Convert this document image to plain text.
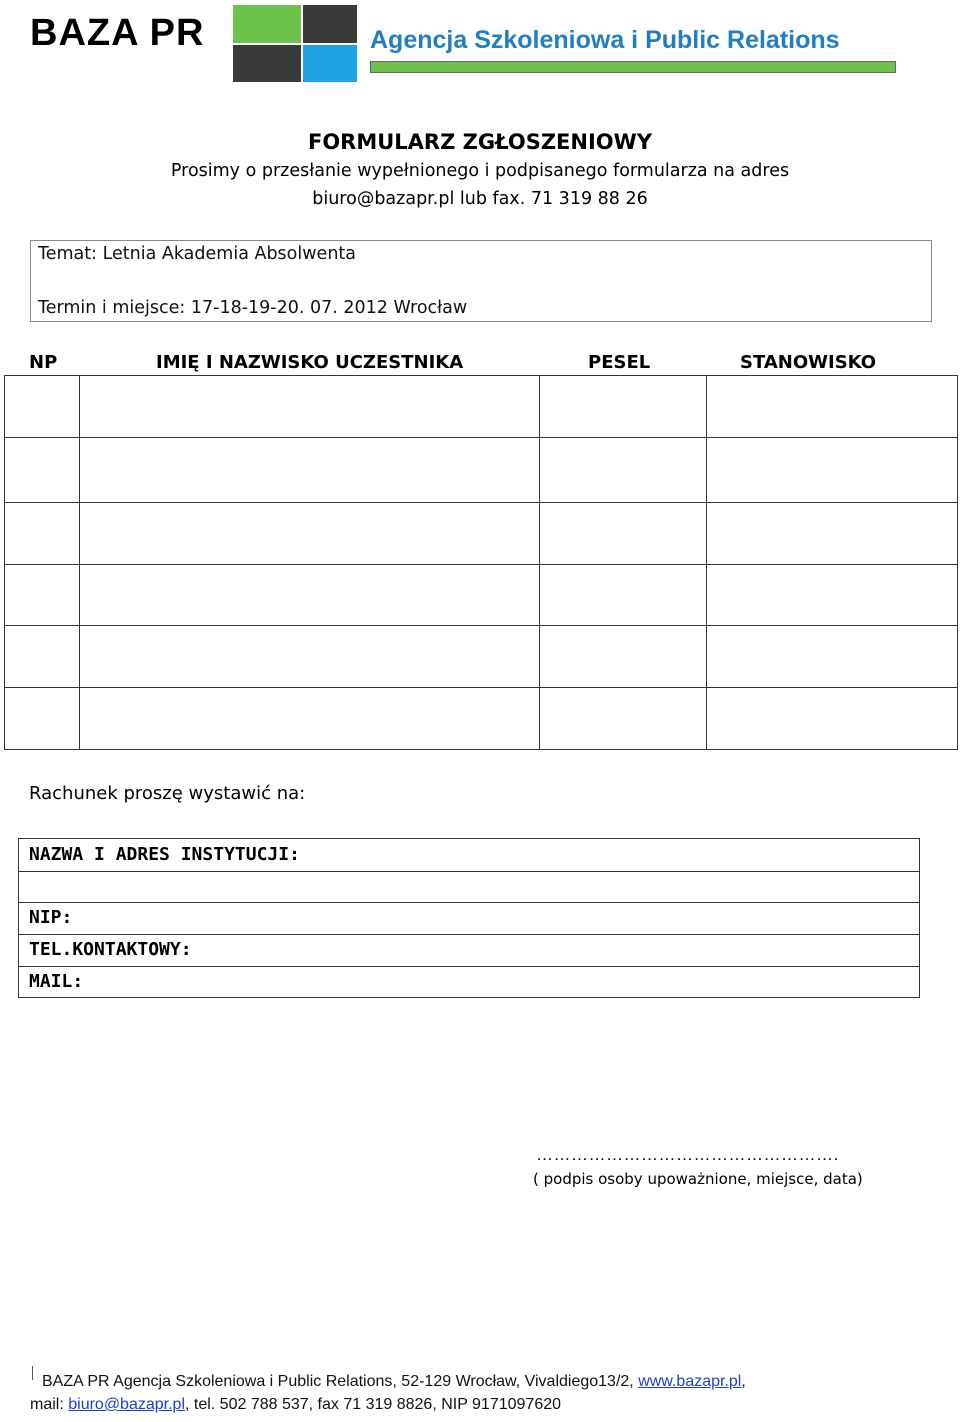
BAZA PR	Agencja Szkoleniowa i Public Relations
FORMULARZ ZGŁOSZENIOWY
Prosimy o przesłanie wypełnionego i podpisanego formularza na adres
biuro@bazapr.pl lub fax. 71 319 88 26
Temat: Letnia Akademia Absolwenta
Termin i miejsce: 17-18-19-20. 07. 2012 Wrocław
NP	IMIĘ I NAZWISKO UCZESTNIKA	PESEL	STANOWISKO
Rachunek proszę wystawić na:
NAZWA I ADRES INSTYTUCJI:
NIP:
TEL.KONTAKTOWY:
MAIL:
…………………………………………….
( podpis osoby upoważnione, miejsce, data)
BAZA PR Agencja Szkoleniowa i Public Relations, 52-129 Wrocław, Vivaldiego13/2, www.bazapr.pl,
mail: biuro@bazapr.pl, tel. 502 788 537, fax 71 319 8826, NIP 9171097620
